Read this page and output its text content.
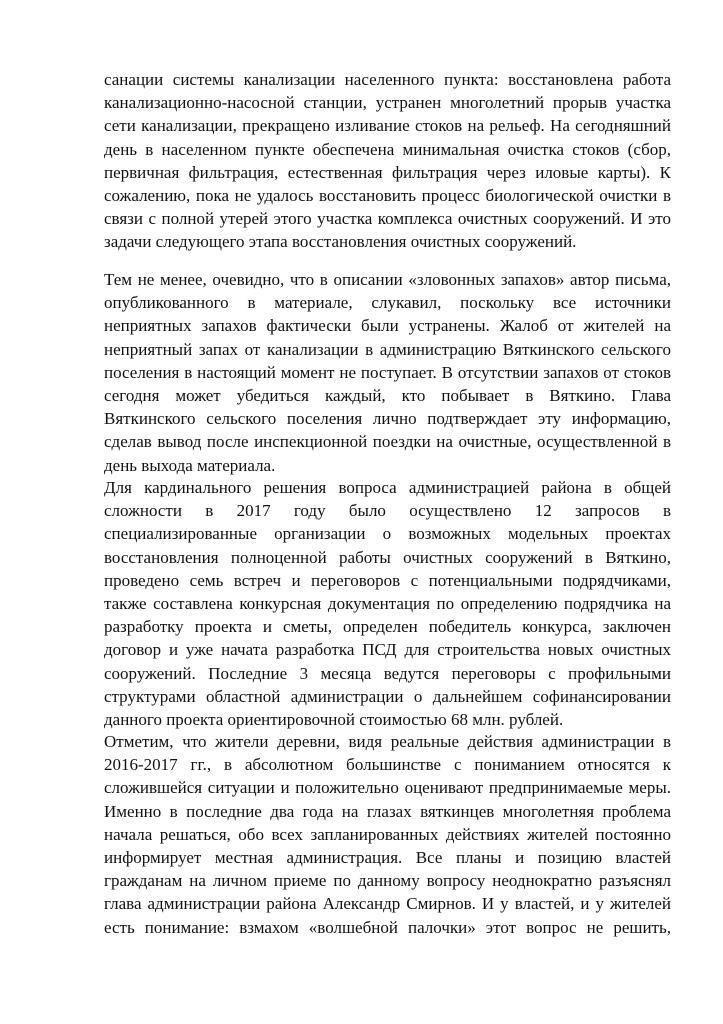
санации системы канализации населенного пункта: восстановлена работа
канализационно-насосной станции, устранен многолетний прорыв участка
сети канализации, прекращено изливание стоков на рельеф. На сегодняшний
день в населенном пункте обеспечена минимальная очистка стоков (сбор,
первичная фильтрация, естественная фильтрация через иловые карты). К
сожалению, пока не удалось восстановить процесс биологической очистки в
связи с полной утерей этого участка комплекса очистных сооружений. И это
задачи следующего этапа восстановления очистных сооружений.
Тем не менее, очевидно, что в описании «зловонных запахов» автор письма,
опубликованного в материале, слукавил, поскольку все источники
неприятных запахов фактически были устранены. Жалоб от жителей на
неприятный запах от канализации в администрацию Вяткинского сельского
поселения в настоящий момент не поступает. В отсутствии запахов от стоков
сегодня может убедиться каждый, кто побывает в Вяткино. Глава
Вяткинского сельского поселения лично подтверждает эту информацию,
сделав вывод после инспекционной поездки на очистные, осуществленной в
день выхода материала.
Для кардинального решения вопроса администрацией района в общей
сложности в 2017 году было осуществлено 12 запросов в
специализированные организации о возможных модельных проектах
восстановления полноценной работы очистных сооружений в Вяткино,
проведено семь встреч и переговоров с потенциальными подрядчиками,
также составлена конкурсная документация по определению подрядчика на
разработку проекта и сметы, определен победитель конкурса, заключен
договор и уже начата разработка ПСД для строительства новых очистных
сооружений. Последние 3 месяца ведутся переговоры с профильными
структурами областной администрации о дальнейшем софинансировании
данного проекта ориентировочной стоимостью 68 млн. рублей.
Отметим, что жители деревни, видя реальные действия администрации в
2016-2017 гг., в абсолютном большинстве с пониманием относятся к
сложившейся ситуации и положительно оценивают предпринимаемые меры.
Именно в последние два года на глазах вяткинцев многолетняя проблема
начала решаться, обо всех запланированных действиях жителей постоянно
информирует местная администрация. Все планы и позицию властей
гражданам на личном приеме по данному вопросу неоднократно разъяснял
глава администрации района Александр Смирнов. И у властей, и у жителей
есть понимание: взмахом «волшебной палочки» этот вопрос не решить,
